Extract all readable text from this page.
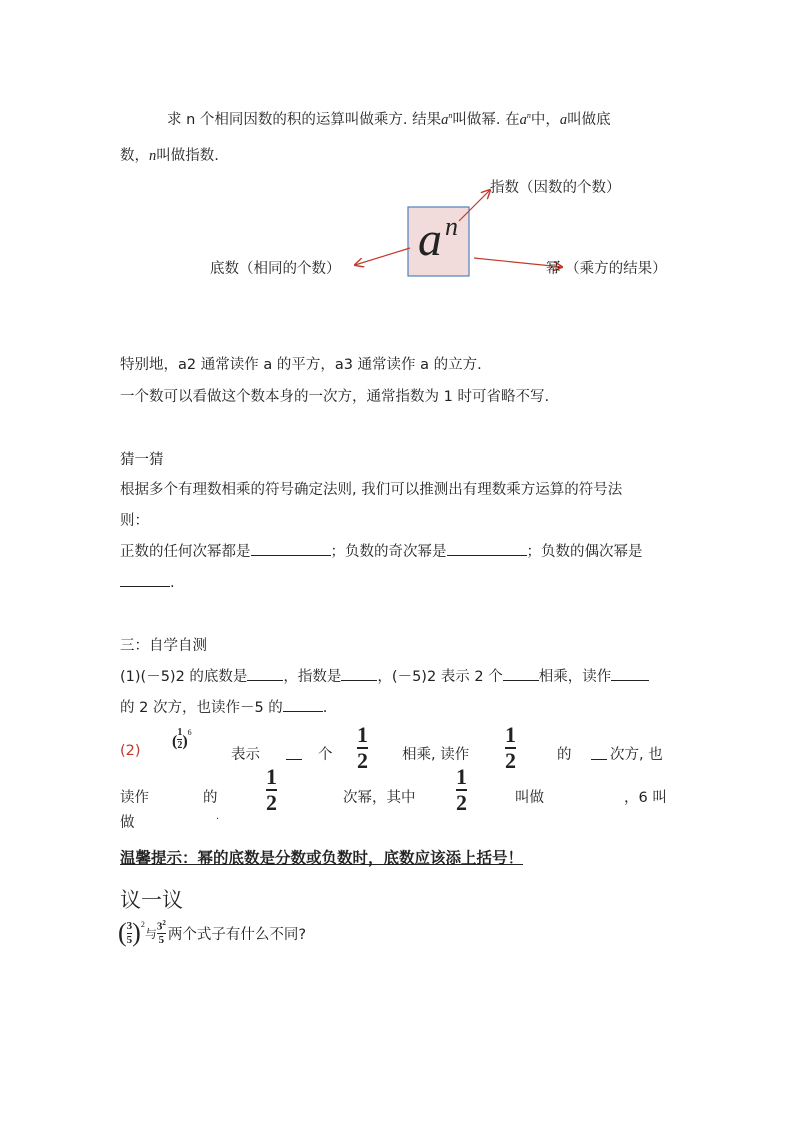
求 n 个相同因数的积的运算叫做乘方. 结果$a^n$叫做幂. 在$a^n$中，a叫做底
数，n叫做指数.
a n
指数（因数的个数）
底数（相同的个数）	幂 （乘方的结果）
特别地，a2 通常读作 a 的平方，a3 通常读作 a 的立方.
一个数可以看做这个数本身的一次方，通常指数为 1 时可省略不写.
猜一猜
根据多个有理数相乘的符号确定法则, 我们可以推测出有理数乘方运算的符号法
则：
正数的任何次幂都是	；负数的奇次幂是	；负数的偶次幂是
.
三：自学自测
(1)(－5)2 的底数是 ，指数是 ，(－5)2 表示 2 个 相乘，读作
的 2 次方，也读作－5 的	.
(2)
( $\frac{1}{2}$ )
6
表示	个
1
2 相乘, 读作
1
2	的	次方, 也
读作	的
1
2	次幂，其中
1
2	叫做	，6 叫
做	.
温馨提示：幂的底数是分数或负数时，底数应该添上括号！
议一议
( $\frac{3}{5}$ ) 2
与 $\frac{3^2}{5}$ 两个式子有什么不同?
